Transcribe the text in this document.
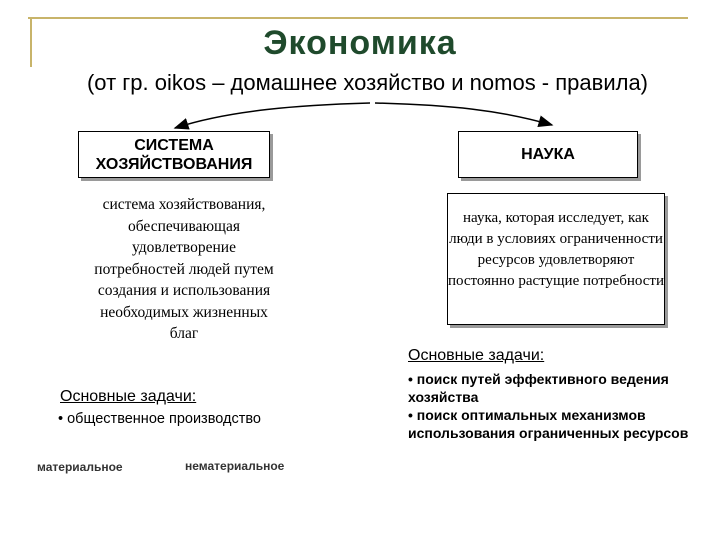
Экономика
(от гр. oikos – домашнее хозяйство и nomos - правила)
СИСТЕМА ХОЗЯЙСТВОВАНИЯ
система хозяйствования, обеспечивающая удовлетворение потребностей людей путем создания и использования необходимых жизненных благ
Основные задачи:
• общественное производство
материальное	нематериальное
НАУКА
наука, которая исследует, как люди в условиях ограниченности ресурсов удовлетворяют постоянно растущие потребности
Основные задачи:
• поиск путей эффективного ведения хозяйства
• поиск оптимальных механизмов использования ограниченных ресурсов
